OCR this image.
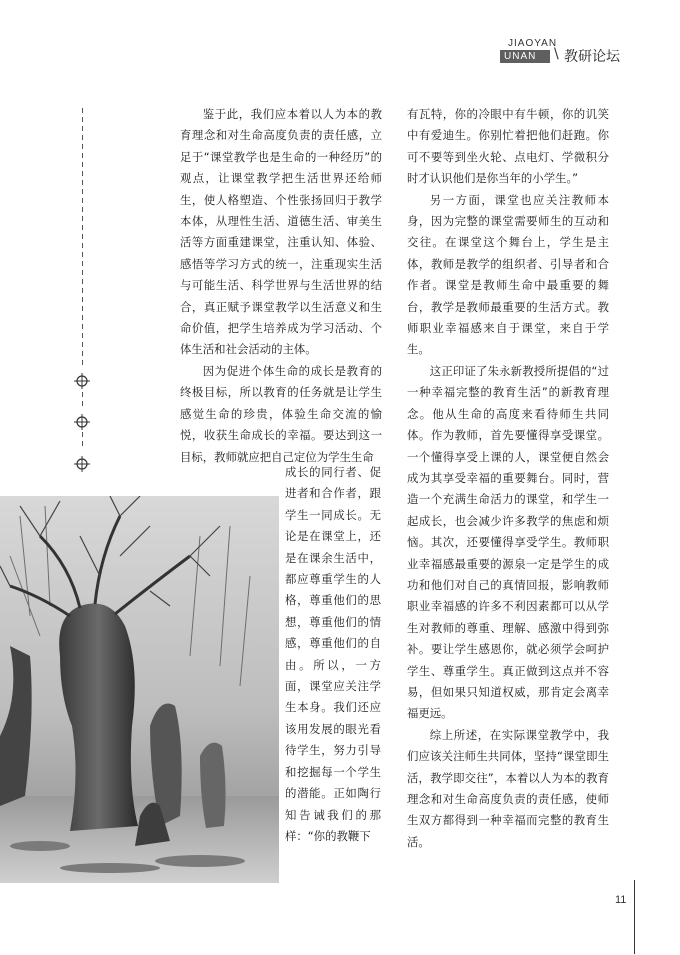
JIAOYAN
UNAN \ 教研论坛

鉴于此，我们应本着以人为本的教育理念和对生命高度负责的责任感，立足于“课堂教学也是生命的一种经历”的观点，让课堂教学把生活世界还给师生，使人格塑造、个性张扬回归于教学本体，从理性生活、道德生活、审美生活等方面重建课堂，注重认知、体验、感悟等学习方式的统一，注重现实生活与可能生活、科学世界与生活世界的结合，真正赋予课堂教学以生活意义和生命价值，把学生培养成为学习活动、个体生活和社会活动的主体。

因为促进个体生命的成长是教育的终极目标，所以教育的任务就是让学生感觉生命的珍贵，体验生命交流的愉悦，收获生命成长的幸福。要达到这一目标，教师就应把自己定位为学生生命

成长的同行者、促进者和合作者，跟学生一同成长。无论是在课堂上，还是在课余生活中，都应尊重学生的人格，尊重他们的思想，尊重他们的情感，尊重他们的自由。所以，一方面，课堂应关注学生本身。我们还应该用发展的眼光看待学生，努力引导和挖掘每一个学生的潜能。正如陶行知告诫我们的那样：“你的教鞭下

有瓦特，你的冷眼中有牛顿，你的讥笑中有爱迪生。你别忙着把他们赶跑。你可不要等到坐火轮、点电灯、学微积分时才认识他们是你当年的小学生。”

另一方面，课堂也应关注教师本身，因为完整的课堂需要师生的互动和交往。在课堂这个舞台上，学生是主体，教师是教学的组织者、引导者和合作者。课堂是教师生命中最重要的舞台，教学是教师最重要的生活方式。教师职业幸福感来自于课堂，来自于学生。

这正印证了朱永新教授所提倡的“过一种幸福完整的教育生活”的新教育理念。他从生命的高度来看待师生共同体。作为教师，首先要懂得享受课堂。一个懂得享受上课的人，课堂便自然会成为其享受幸福的重要舞台。同时，营造一个充满生命活力的课堂，和学生一起成长，也会减少许多教学的焦虑和烦恼。其次，还要懂得享受学生。教师职业幸福感最重要的源泉一定是学生的成功和他们对自己的真情回报，影响教师职业幸福感的许多不利因素都可以从学生对教师的尊重、理解、感激中得到弥补。要让学生感恩你，就必须学会呵护学生、尊重学生。真正做到这点并不容易，但如果只知道权威，那肯定会离幸福更远。

综上所述，在实际课堂教学中，我们应该关注师生共同体，坚持“课堂即生活，教学即交往”，本着以人为本的教育理念和对生命高度负责的责任感，使师生双方都得到一种幸福而完整的教育生活。

11
